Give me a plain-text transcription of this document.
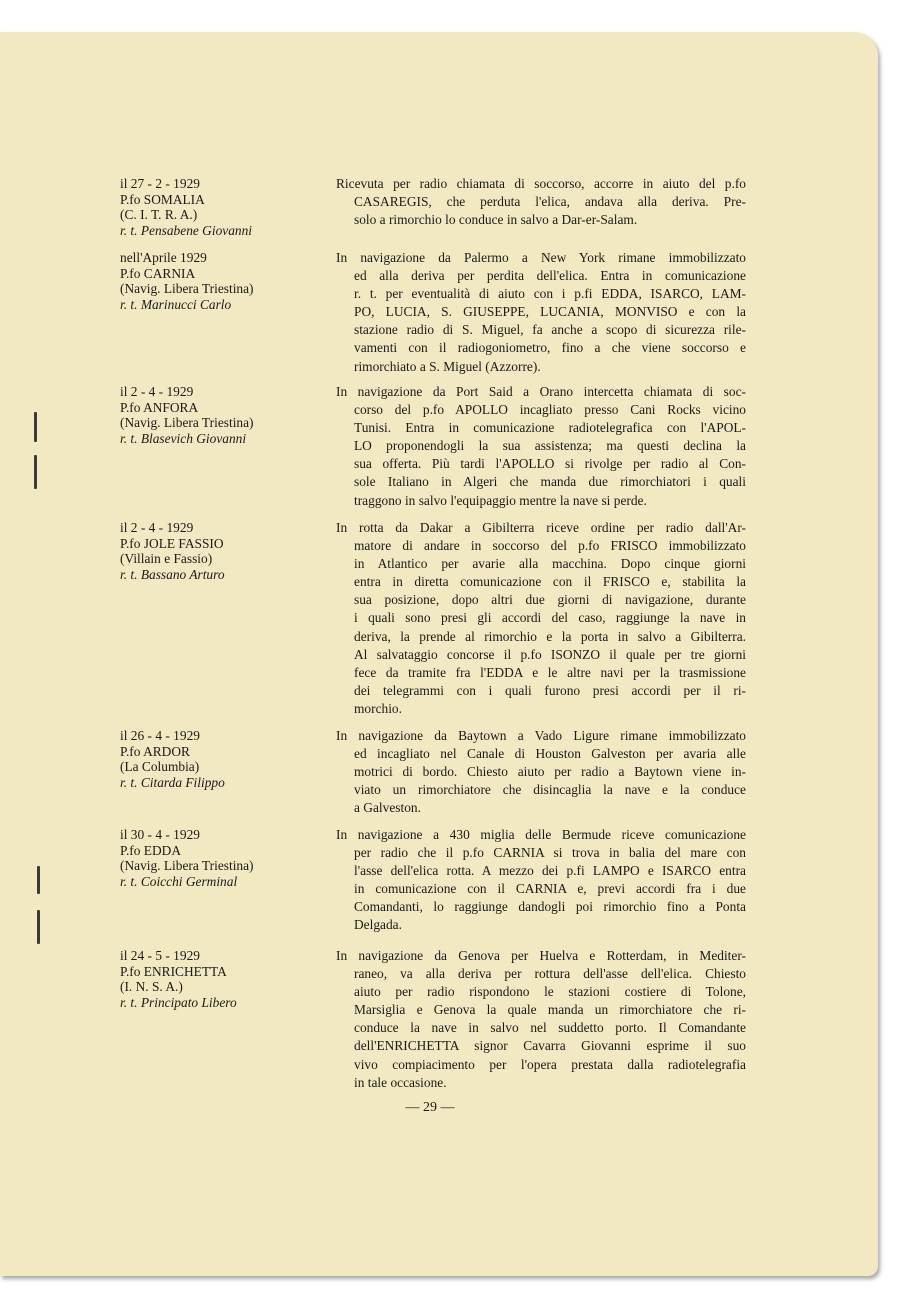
il 27 - 2 - 1929
P.fo SOMALIA
(C. I. T. R. A.)
r. t. Pensabene Giovanni
Ricevuta per radio chiamata di soccorso, accorre in aiuto del p.fo
CASAREGIS, che perduta l'elica, andava alla deriva. Pre-
solo a rimorchio lo conduce in salvo a Dar-er-Salam.
nell'Aprile 1929
P.fo CARNIA
(Navig. Libera Triestina)
r. t. Marinucci Carlo
In navigazione da Palermo a New York rimane immobilizzato
ed alla deriva per perdita dell'elica. Entra in comunicazione
r. t. per eventualità di aiuto con i p.fi EDDA, ISARCO, LAM-
PO, LUCIA, S. GIUSEPPE, LUCANIA, MONVISO e con la
stazione radio di S. Miguel, fa anche a scopo di sicurezza rile-
vamenti con il radiogoniometro, fino a che viene soccorso e
rimorchiato a S. Miguel (Azzorre).
il 2 - 4 - 1929
P.fo ANFORA
(Navig. Libera Triestina)
r. t. Blasevich Giovanni
In navigazione da Port Said a Orano intercetta chiamata di soc-
corso del p.fo APOLLO incagliato presso Cani Rocks vicino
Tunisi. Entra in comunicazione radiotelegrafica con l'APOL-
LO proponendogli la sua assistenza; ma questi declina la
sua offerta. Più tardi l'APOLLO si rivolge per radio al Con-
sole Italiano in Algeri che manda due rimorchiatori i quali
traggono in salvo l'equipaggio mentre la nave si perde.
il 2 - 4 - 1929
P.fo JOLE FASSIO
(Villain e Fassio)
r. t. Bassano Arturo
In rotta da Dakar a Gibilterra riceve ordine per radio dall'Ar-
matore di andare in soccorso del p.fo FRISCO immobilizzato
in Atlantico per avarie alla macchina. Dopo cinque giorni
entra in diretta comunicazione con il FRISCO e, stabilita la
sua posizione, dopo altri due giorni di navigazione, durante
i quali sono presi gli accordi del caso, raggiunge la nave in
deriva, la prende al rimorchio e la porta in salvo a Gibilterra.
Al salvataggio concorse il p.fo ISONZO il quale per tre giorni
fece da tramite fra l'EDDA e le altre navi per la trasmissione
dei telegrammi con i quali furono presi accordi per il ri-
morchio.
il 26 - 4 - 1929
P.fo ARDOR
(La Columbia)
r. t. Citarda Filippo
In navigazione da Baytown a Vado Ligure rimane immobilizzato
ed incagliato nel Canale di Houston Galveston per avaria alle
motrici di bordo. Chiesto aiuto per radio a Baytown viene in-
viato un rimorchiatore che disincaglia la nave e la conduce
a Galveston.
il 30 - 4 - 1929
P.fo EDDA
(Navig. Libera Triestina)
r. t. Coicchi Germinal
In navigazione a 430 miglia delle Bermude riceve comunicazione
per radio che il p.fo CARNIA si trova in balia del mare con
l'asse dell'elica rotta. A mezzo dei p.fi LAMPO e ISARCO entra
in comunicazione con il CARNIA e, previ accordi fra i due
Comandanti, lo raggiunge dandogli poi rimorchio fino a Ponta
Delgada.
il 24 - 5 - 1929
P.fo ENRICHETTA
(I. N. S. A.)
r. t. Principato Libero
In navigazione da Genova per Huelva e Rotterdam, in Mediter-
raneo, va alla deriva per rottura dell'asse dell'elica. Chiesto
aiuto per radio rispondono le stazioni costiere di Tolone,
Marsiglia e Genova la quale manda un rimorchiatore che ri-
conduce la nave in salvo nel suddetto porto. Il Comandante
dell'ENRICHETTA signor Cavarra Giovanni esprime il suo
vivo compiacimento per l'opera prestata dalla radiotelegrafia
in tale occasione.
— 29 —
